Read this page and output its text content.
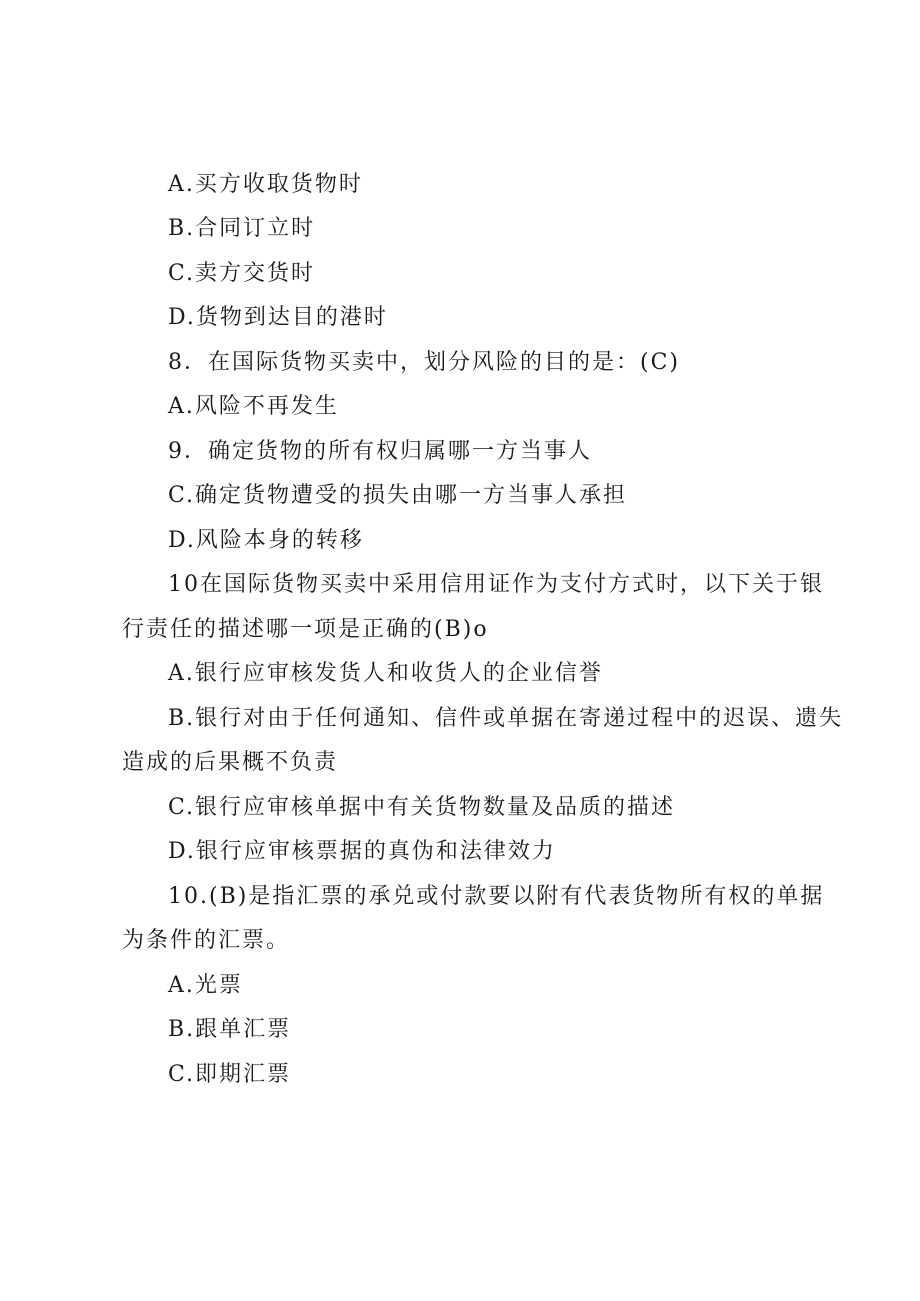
A.买方收取货物时
B.合同订立时
C.卖方交货时
D.货物到达目的港时
8．在国际货物买卖中，划分风险的目的是：(C)
A.风险不再发生
9．确定货物的所有权归属哪一方当事人
C.确定货物遭受的损失由哪一方当事人承担
D.风险本身的转移
10在国际货物买卖中采用信用证作为支付方式时，以下关于银
行责任的描述哪一项是正确的(B)o
A.银行应审核发货人和收货人的企业信誉
B.银行对由于任何通知、信件或单据在寄递过程中的迟误、遗失
造成的后果概不负责
C.银行应审核单据中有关货物数量及品质的描述
D.银行应审核票据的真伪和法律效力
10.(B)是指汇票的承兑或付款要以附有代表货物所有权的单据
为条件的汇票。
A.光票
B.跟单汇票
C.即期汇票
